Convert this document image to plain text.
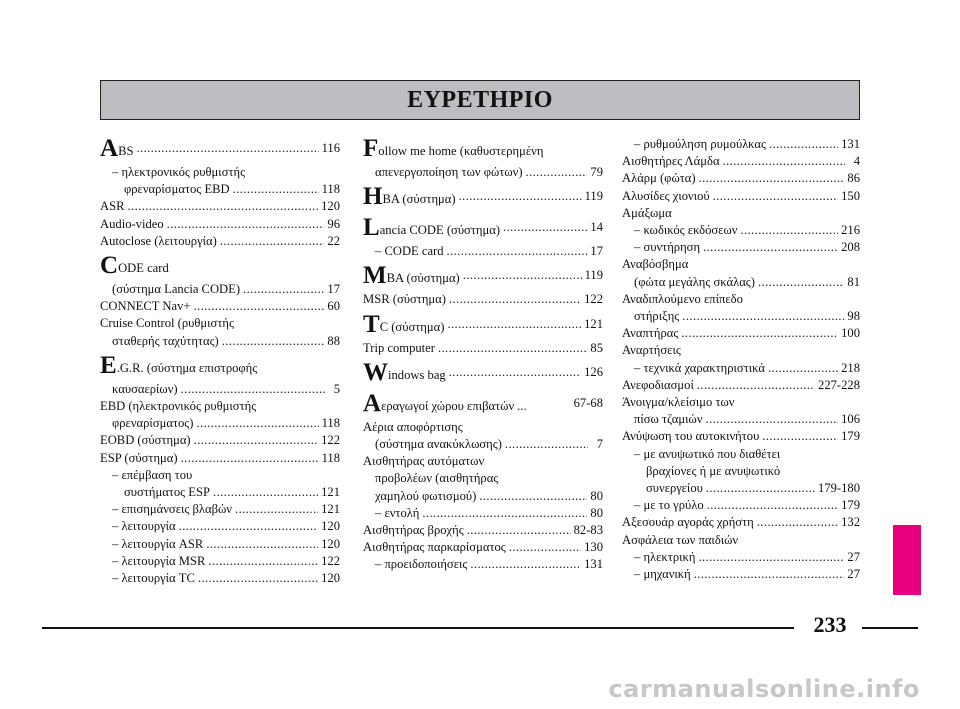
ΕΥΡΕΤΗΡΙΟ
ABS .....	116
– ηλεκτρονικός ρυθμιστής
φρεναρίσματος EBD .....	118
ASR .....	120
Audio-video .....	96
Autoclose (λειτουργία) .....	22
CODE card
(σύστημα Lancia CODE) .....	17
CONNECT Nav+ .....	60
Cruise Control (ρυθμιστής
σταθερής ταχύτητας) .....	88
E.G.R. (σύστημα επιστροφής
καυσαερίων) .....	5
EBD (ηλεκτρονικός ρυθμιστής
φρεναρίσματος) .....	118
EOBD (σύστημα) .....	122
ESP (σύστημα) .....	118
– επέμβαση του
συστήματος ESP .....	121
– επισημάνσεις βλαβών .....	121
– λειτουργία .....	120
– λειτουργία ASR .....	120
– λειτουργία MSR .....	122
– λειτουργία TC .....	120
Follow me home (καθυστερημένη
απενεργοποίηση των φώτων) .....	79
HBA (σύστημα) .....	119
Lancia CODE (σύστημα) .....	14
– CODE card .....	17
MBA (σύστημα) .....	119
MSR (σύστημα) .....	122
TC (σύστημα) .....	121
Trip computer .....	85
Windows bag .....	126
Αεραγωγοί χώρου επιβατών ...	67-68
Αέρια αποφόρτισης
(σύστημα ανακύκλωσης) .....	7
Αισθητήρας αυτόματων
προβολέων (αισθητήρας
χαμηλού φωτισμού) .....	80
– εντολή .....	80
Αισθητήρας βροχής .....	82-83
Αισθητήρας παρκαρίσματος .....	130
– προειδοποιήσεις .....	131
– ρυθμούληση ρυμούλκας .....	131
Αισθητήρες Λάμδα .....	4
Αλάρμ (φώτα) .....	86
Αλυσίδες χιονιού .....	150
Αμάξωμα
– κωδικός εκδόσεων .....	216
– συντήρηση .....	208
Αναβόσβημα
(φώτα μεγάλης σκάλας) .....	81
Αναδιπλούμενο επίπεδο
στήριξης .....	98
Αναπτήρας .....	100
Αναρτήσεις
– τεχνικά χαρακτηριστικά .....	218
Ανεφοδιασμοί .....	227-228
Άνοιγμα/κλείσιμο των
πίσω τζαμιών .....	106
Ανύψωση του αυτοκινήτου .....	179
– με ανυψωτικό που διαθέτει
βραχίονες ή με ανυψωτικό
συνεργείου .....	179-180
– με το γρύλο .....	179
Αξεσουάρ αγοράς χρήστη .....	132
Ασφάλεια των παιδιών
– ηλεκτρική .....	27
– μηχανική .....	27
233
carmanualsonline.info
